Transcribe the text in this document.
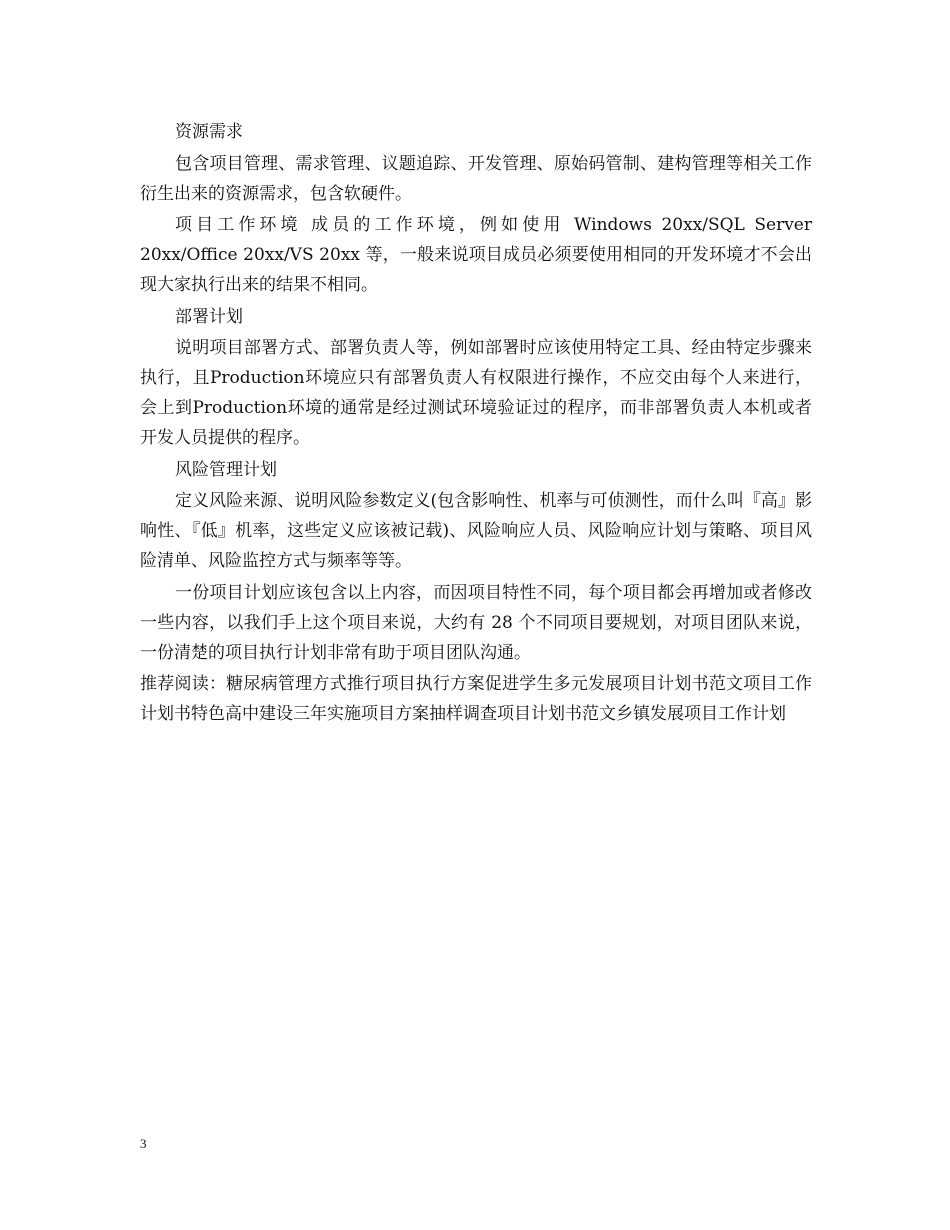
资源需求

包含项目管理、需求管理、议题追踪、开发管理、原始码管制、建构管理等相关工作衍生出来的资源需求，包含软硬件。

项目工作环境 成员的工作环境，例如使用 Windows 20xx/SQL Server 20xx/Office 20xx/VS 20xx 等，一般来说项目成员必须要使用相同的开发环境才不会出现大家执行出来的结果不相同。

部署计划

说明项目部署方式、部署负责人等，例如部署时应该使用特定工具、经由特定步骤来执行，且Production环境应只有部署负责人有权限进行操作，不应交由每个人来进行，会上到Production环境的通常是经过测试环境验证过的程序，而非部署负责人本机或者开发人员提供的程序。

风险管理计划

定义风险来源、说明风险参数定义(包含影响性、机率与可侦测性，而什么叫『高』影响性、『低』机率，这些定义应该被记载)、风险响应人员、风险响应计划与策略、项目风险清单、风险监控方式与频率等等。

一份项目计划应该包含以上内容，而因项目特性不同，每个项目都会再增加或者修改一些内容，以我们手上这个项目来说，大约有 28 个不同项目要规划，对项目团队来说，一份清楚的项目执行计划非常有助于项目团队沟通。

推荐阅读：糖尿病管理方式推行项目执行方案促进学生多元发展项目计划书范文项目工作计划书特色高中建设三年实施项目方案抽样调查项目计划书范文乡镇发展项目工作计划

3
